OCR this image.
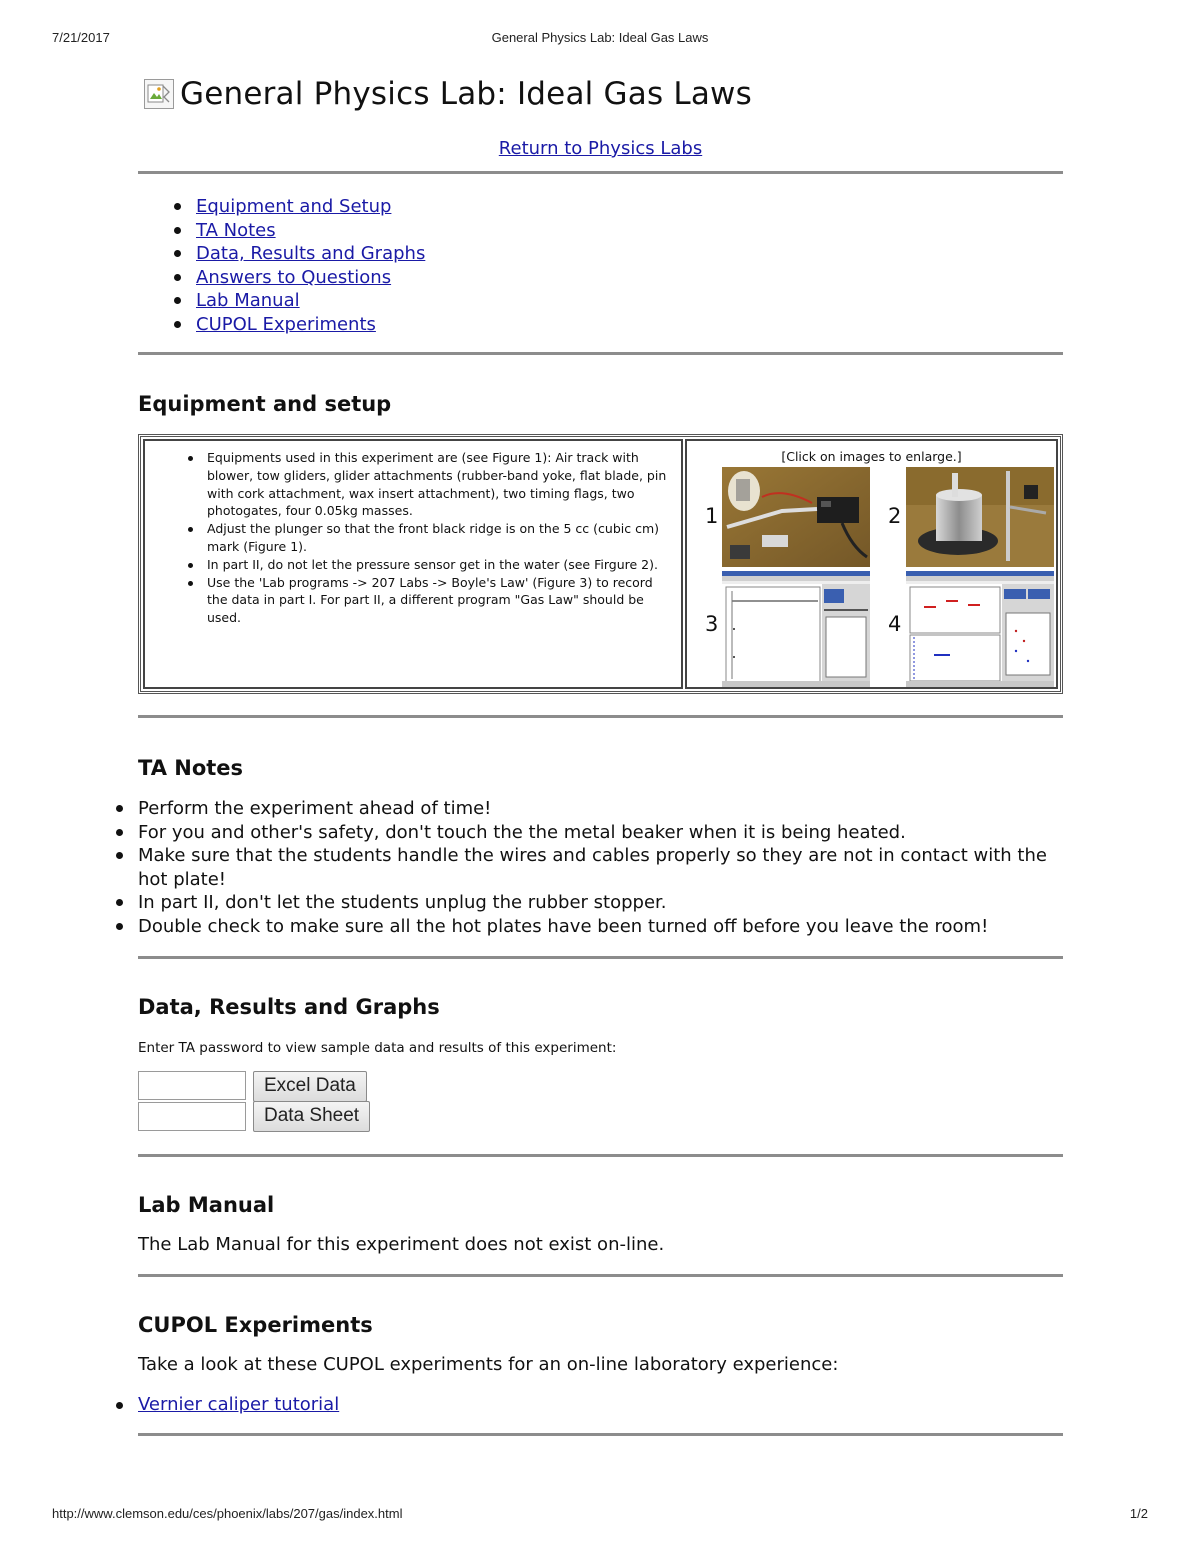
7/21/2017	General Physics Lab: Ideal Gas Laws
General Physics Lab: Ideal Gas Laws
Return to Physics Labs
Equipment and Setup
TA Notes
Data, Results and Graphs
Answers to Questions
Lab Manual
CUPOL Experiments
Equipment and setup
Equipments used in this experiment are (see Figure 1): Air track with blower, tow gliders, glider attachments (rubber-band yoke, flat blade, pin with cork attachment, wax insert attachment), two timing flags, two photogates, four 0.05kg masses.
Adjust the plunger so that the front black ridge is on the 5 cc (cubic cm) mark (Figure 1).
In part II, do not let the pressure sensor get in the water (see Firgure 2).
Use the 'Lab programs -> 207 Labs -> Boyle's Law' (Figure 3) to record the data in part I. For part II, a different program "Gas Law" should be used.

[Click on images to enlarge.]
1	2
3	4
TA Notes
Perform the experiment ahead of time!
For you and other's safety, don't touch the the metal beaker when it is being heated.
Make sure that the students handle the wires and cables properly so they are not in contact with the hot plate!
In part II, don't let the students unplug the rubber stopper.
Double check to make sure all the hot plates have been turned off before you leave the room!
Data, Results and Graphs

Enter TA password to view sample data and results of this experiment:

Excel Data
Data Sheet
Lab Manual

The Lab Manual for this experiment does not exist on-line.

CUPOL Experiments

Take a look at these CUPOL experiments for an on-line laboratory experience:

Vernier caliper tutorial
http://www.clemson.edu/ces/phoenix/labs/207/gas/index.html	1/2
